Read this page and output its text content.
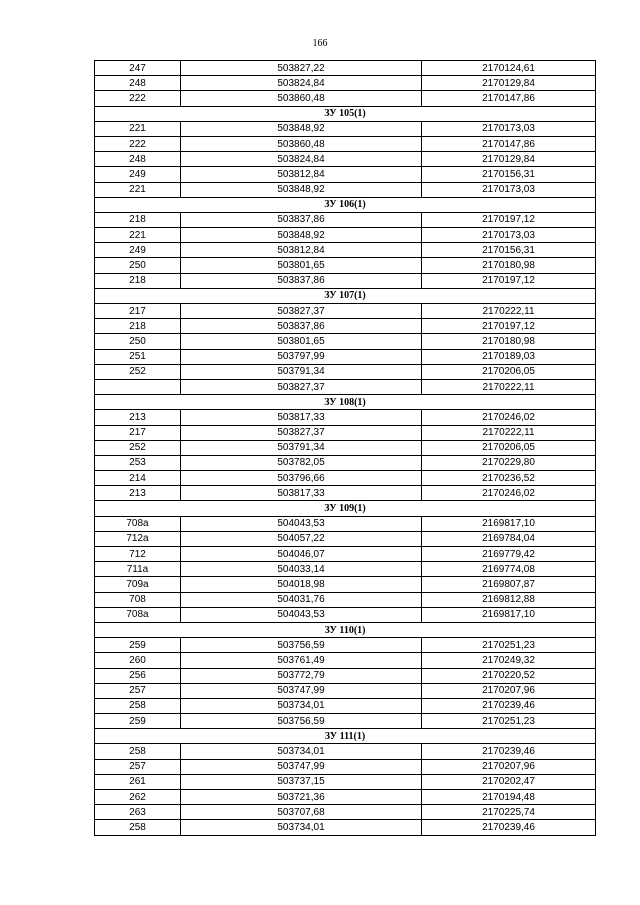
166
247	503827,22	2170124,61
248	503824,84	2170129,84
222	503860,48	2170147,86
ЗУ 105(1)		
221	503848,92	2170173,03
222	503860,48	2170147,86
248	503824,84	2170129,84
249	503812,84	2170156,31
221	503848,92	2170173,03
ЗУ 106(1)		
218	503837,86	2170197,12
221	503848,92	2170173,03
249	503812,84	2170156,31
250	503801,65	2170180,98
218	503837,86	2170197,12
ЗУ 107(1)		
217	503827,37	2170222,11
218	503837,86	2170197,12
250	503801,65	2170180,98
251	503797,99	2170189,03
252	503791,34	2170206,05
	503827,37	2170222,11
ЗУ 108(1)		
213	503817,33	2170246,02
217	503827,37	2170222,11
252	503791,34	2170206,05
253	503782,05	2170229,80
214	503796,66	2170236,52
213	503817,33	2170246,02
ЗУ 109(1)		
708а	504043,53	2169817,10
712а	504057,22	2169784,04
712	504046,07	2169779,42
711а	504033,14	2169774,08
709а	504018,98	2169807,87
708	504031,76	2169812,88
708а	504043,53	2169817,10
ЗУ 110(1)		
259	503756,59	2170251,23
260	503761,49	2170249,32
256	503772,79	2170220,52
257	503747,99	2170207,96
258	503734,01	2170239,46
259	503756,59	2170251,23
ЗУ 111(1)		
258	503734,01	2170239,46
257	503747,99	2170207,96
261	503737,15	2170202,47
262	503721,36	2170194,48
263	503707,68	2170225,74
258	503734,01	2170239,46
